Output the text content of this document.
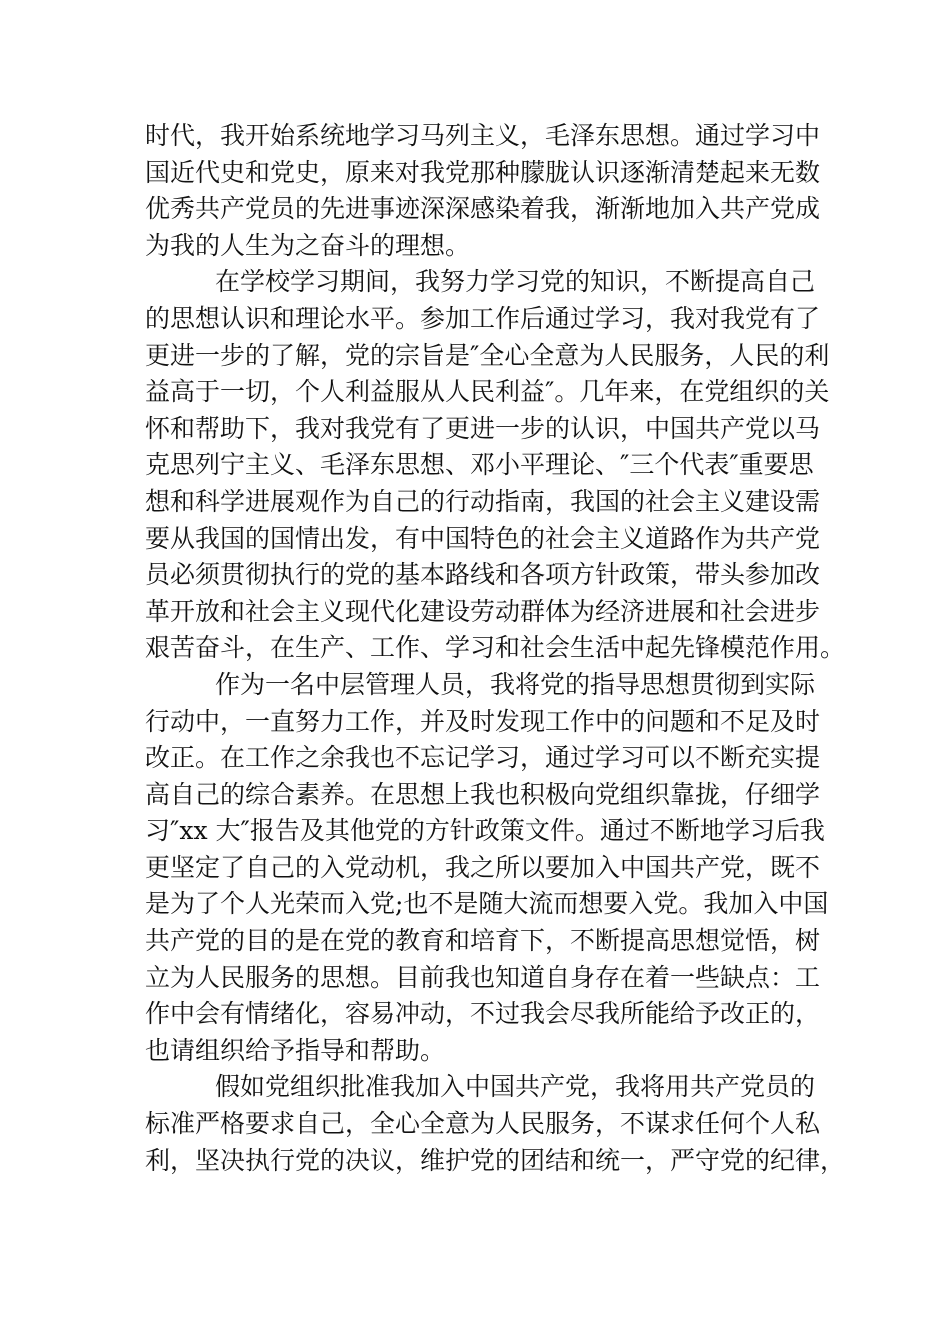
时代，我开始系统地学习马列主义，毛泽东思想。通过学习中
国近代史和党史，原来对我党那种朦胧认识逐渐清楚起来无数
优秀共产党员的先进事迹深深感染着我，渐渐地加入共产党成
为我的人生为之奋斗的理想。
在学校学习期间，我努力学习党的知识，不断提高自己
的思想认识和理论水平。参加工作后通过学习，我对我党有了
更进一步的了解，党的宗旨是″全心全意为人民服务，人民的利
益高于一切，个人利益服从人民利益″。几年来，在党组织的关
怀和帮助下，我对我党有了更进一步的认识，中国共产党以马
克思列宁主义、毛泽东思想、邓小平理论、″三个代表″重要思
想和科学进展观作为自己的行动指南，我国的社会主义建设需
要从我国的国情出发，有中国特色的社会主义道路作为共产党
员必须贯彻执行的党的基本路线和各项方针政策，带头参加改
革开放和社会主义现代化建设劳动群体为经济进展和社会进步
艰苦奋斗，在生产、工作、学习和社会生活中起先锋模范作用。
作为一名中层管理人员，我将党的指导思想贯彻到实际
行动中，一直努力工作，并及时发现工作中的问题和不足及时
改正。在工作之余我也不忘记学习，通过学习可以不断充实提
高自己的综合素养。在思想上我也积极向党组织靠拢，仔细学
习″xx 大″报告及其他党的方针政策文件。通过不断地学习后我
更坚定了自己的入党动机，我之所以要加入中国共产党，既不
是为了个人光荣而入党;也不是随大流而想要入党。我加入中国
共产党的目的是在党的教育和培育下，不断提高思想觉悟，树
立为人民服务的思想。目前我也知道自身存在着一些缺点：工
作中会有情绪化，容易冲动，不过我会尽我所能给予改正的，
也请组织给予指导和帮助。
假如党组织批准我加入中国共产党，我将用共产党员的
标准严格要求自己，全心全意为人民服务，不谋求任何个人私
利，坚决执行党的决议，维护党的团结和统一，严守党的纪律，
